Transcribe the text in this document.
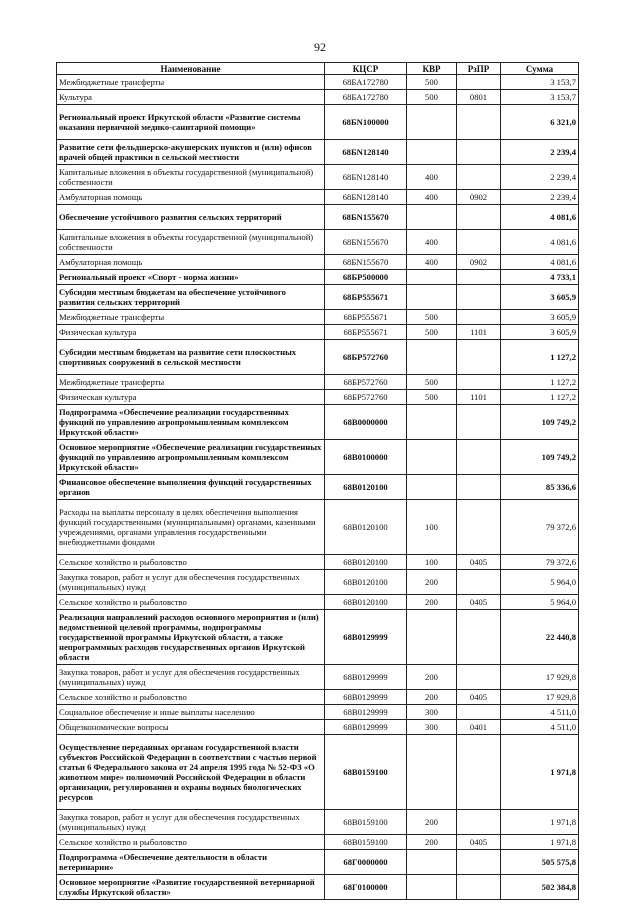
92
Наименование	КЦСР	КВР	РзПР	Сумма
Межбюджетные трансферты	68БА172780	500		3 153,7
Культура	68БА172780	500	0801	3 153,7
Региональный проект Иркутской области «Развитие системы оказания первичной медико-санитарной помощи»	68БN100000			6 321,0
Развитие сети фельдшерско-акушерских пунктов и (или) офисов врачей общей практики в сельской местности	68БN128140			2 239,4
Капитальные вложения в объекты государственной (муниципальной) собственности	68БN128140	400		2 239,4
Амбулаторная помощь	68БN128140	400	0902	2 239,4
Обеспечение устойчивого развития сельских территорий	68БN155670			4 081,6
Капитальные вложения в объекты государственной (муниципальной) собственности	68БN155670	400		4 081,6
Амбулаторная помощь	68БN155670	400	0902	4 081,6
Региональный проект «Спорт - норма жизни»	68БР500000			4 733,1
Субсидии местным бюджетам на обеспечение устойчивого развития сельских территорий	68БР555671			3 605,9
Межбюджетные трансферты	68БР555671	500		3 605,9
Физическая культура	68БР555671	500	1101	3 605,9
Субсидии местным бюджетам на развитие сети плоскостных спортивных сооружений в сельской местности	68БР572760			1 127,2
Межбюджетные трансферты	68БР572760	500		1 127,2
Физическая культура	68БР572760	500	1101	1 127,2
Подпрограмма «Обеспечение реализации государственных функций по управлению агропромышленным комплексом Иркутской области»	68В0000000			109 749,2
Основное мероприятие «Обеспечение реализации государственных функций по управлению агропромышленным комплексом Иркутской области»	68В0100000			109 749,2
Финансовое обеспечение выполнения функций государственных органов	68В0120100			85 336,6
Расходы на выплаты персоналу в целях обеспечения выполнения функций государственными (муниципальными) органами, казенными учреждениями, органами управления государственными внебюджетными фондами	68В0120100	100		79 372,6
Сельское хозяйство и рыболовство	68В0120100	100	0405	79 372,6
Закупка товаров, работ и услуг для обеспечения государственных (муниципальных) нужд	68В0120100	200		5 964,0
Сельское хозяйство и рыболовство	68В0120100	200	0405	5 964,0
Реализация направлений расходов основного мероприятия и (или) ведомственной целевой программы, подпрограммы государственной программы Иркутской области, а также непрограммных расходов государственных органов Иркутской области	68В0129999			22 440,8
Закупка товаров, работ и услуг для обеспечения государственных (муниципальных) нужд	68В0129999	200		17 929,8
Сельское хозяйство и рыболовство	68В0129999	200	0405	17 929,8
Социальное обеспечение и иные выплаты населению	68В0129999	300		4 511,0
Общеэкономические вопросы	68В0129999	300	0401	4 511,0
Осуществление переданных органам государственной власти субъектов Российской Федерации в соответствии с частью первой статьи 6 Федерального закона от 24 апреля 1995 года № 52-ФЗ «О животном мире» полномочий Российской Федерации в области организации, регулирования и охраны водных биологических ресурсов	68В0159100			1 971,8
Закупка товаров, работ и услуг для обеспечения государственных (муниципальных) нужд	68В0159100	200		1 971,8
Сельское хозяйство и рыболовство	68В0159100	200	0405	1 971,8
Подпрограмма «Обеспечение деятельности в области ветеринарии»	68Г0000000			505 575,8
Основное мероприятие «Развитие государственной ветеринарной службы Иркутской области»	68Г0100000			502 384,8
